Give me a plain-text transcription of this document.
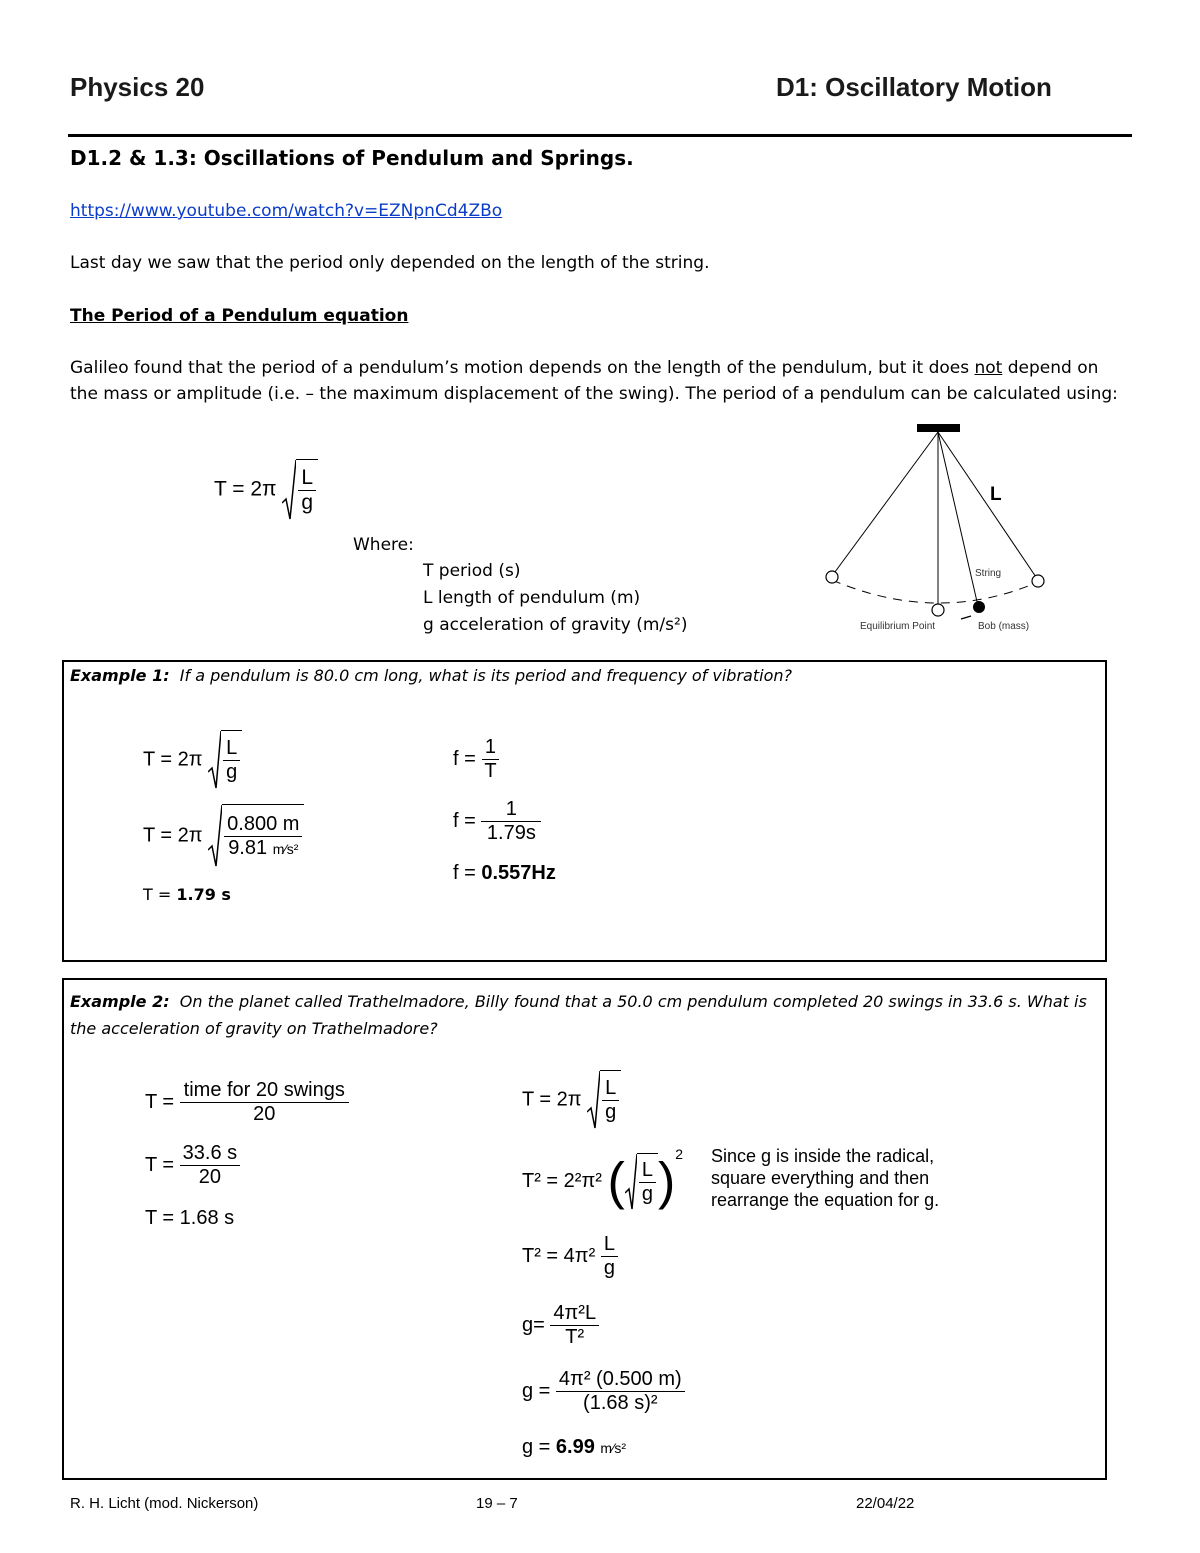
Physics 20	D1: Oscillatory Motion
D1.2 & 1.3: Oscillations of Pendulum and Springs.
https://www.youtube.com/watch?v=EZNpnCd4ZBo
Last day we saw that the period only depended on the length of the string.
The Period of a Pendulum equation
Galileo found that the period of a pendulum’s motion depends on the length of the pendulum, but it does not depend on the mass or amplitude (i.e. – the maximum displacement of the swing). The period of a pendulum can be calculated using:
$T = 2\pi \frac{L}{g}$
Where:
T period (s)
L length of pendulum (m)
g acceleration of gravity (m/s²)
L
String
Equilibrium Point	Bob (mass)
Example 1: If a pendulum is 80.0 cm long, what is its period and frequency of vibration?
$T = 2\pi \frac{L}{g}$
$T = 2\pi \frac{0.800 m}{\text{9.81 m⁄s²}}$
T = 1.79 s
$f = \frac{1}{T}$
$f = \frac{1}{1.79s}$
f = 0.557Hz
Example 2: On the planet called Trathelmadore, Billy found that a 50.0 cm pendulum completed 20 swings in 33.6 s. What is the acceleration of gravity on Trathelmadore?
$T = \frac{\text{time for 20 swings}}{20}$
$T = \frac{33.6 s}{20}$
T = 1.68 s
$T = 2\pi \frac{L}{g}$
T² = 2²π² ( $\frac{L}{g} )^2$ Since g is inside the radical, square everything and then rearrange the equation for g.
$T^2 = 4\pi^2 \frac{L}{g}$
$g= \frac{\text{4π²L}}{\text{T²}}$
$g = \frac{\text{4π² (0.500 m)}}{\text{(1.68 s)²}}$
g = 6.99 m⁄s²
R. H. Licht (mod. Nickerson)	19 – 7	22/04/22
